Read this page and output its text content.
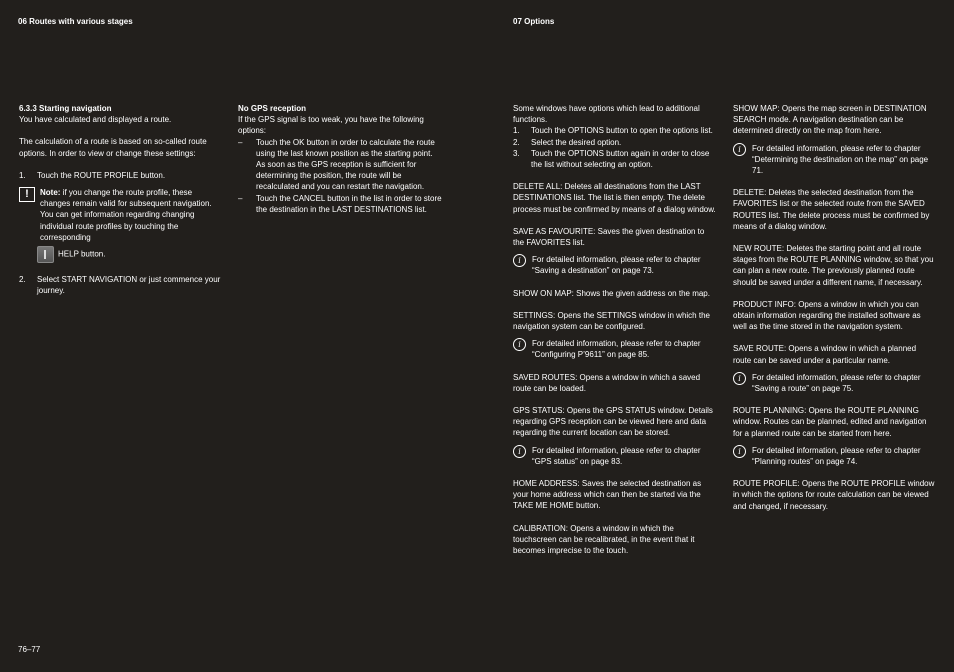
06 Routes with various stages	07 Options

6.3.3 Starting navigation

You have calculated and displayed a route.

The calculation of a route is based on so-called route options. In order to view or change these settings:

1.	Touch the ROUTE PROFILE button.
!	Note: if you change the route profile, these changes remain valid for subsequent navigation. You can get information regarding changing individual route profiles by touching the corresponding

HELP button.
2.	Select START NAVIGATION or just commence your journey.

No GPS reception

If the GPS signal is too weak, you have the following options:

–	Touch the OK button in order to calculate the route using the last known position as the starting point. As soon as the GPS reception is sufficient for determining the position, the route will be recalculated and you can restart the navigation.
–	Touch the CANCEL button in the list in order to store the destination in the LAST DESTINATIONS list.

Some windows have options which lead to additional functions.

1.	Touch the OPTIONS button to open the options list.
2.	Select the desired option.
3.	Touch the OPTIONS button again in order to close the list without selecting an option.

DELETE ALL: Deletes all destinations from the LAST DESTINATIONS list. The list is then empty. The delete process must be confirmed by means of a dialog window.

SAVE AS FAVOURITE: Saves the given destination to the FAVORITES list.

i	For detailed information, please refer to chapter “Saving a destination” on page 73.

SHOW ON MAP: Shows the given address on the map.

SETTINGS: Opens the SETTINGS window in which the navigation system can be configured.

i	For detailed information, please refer to chapter “Configuring P’9611” on page 85.

SAVED ROUTES: Opens a window in which a saved route can be loaded.

GPS STATUS: Opens the GPS STATUS window. Details regarding GPS reception can be viewed here and data regarding the current location can be stored.

i	For detailed information, please refer to chapter “GPS status” on page 83.

HOME ADDRESS: Saves the selected destination as your home address which can then be started via the TAKE ME HOME button.

CALIBRATION: Opens a window in which the touchscreen can be recalibrated, in the event that it becomes imprecise to the touch.

SHOW MAP: Opens the map screen in DESTINATION SEARCH mode. A navigation destination can be determined directly on the map from here.

i	For detailed information, please refer to chapter “Determining the destination on the map” on page 71.

DELETE: Deletes the selected destination from the FAVORITES list or the selected route from the SAVED ROUTES list. The delete process must be confirmed by means of a dialog window.

NEW ROUTE: Deletes the starting point and all route stages from the ROUTE PLANNING window, so that you can plan a new route. The previously planned route should be saved under a different name, if necessary.

PRODUCT INFO: Opens a window in which you can obtain information regarding the installed software as well as the time stored in the navigation system.

SAVE ROUTE: Opens a window in which a planned route can be saved under a particular name.

i	For detailed information, please refer to chapter “Saving a route” on page 75.

ROUTE PLANNING: Opens the ROUTE PLANNING window. Routes can be planned, edited and navigation for a planned route can be started from here.

i	For detailed information, please refer to chapter “Planning routes” on page 74.

ROUTE PROFILE: Opens the ROUTE PROFILE window in which the options for route calculation can be viewed and changed, if necessary.

76–77
